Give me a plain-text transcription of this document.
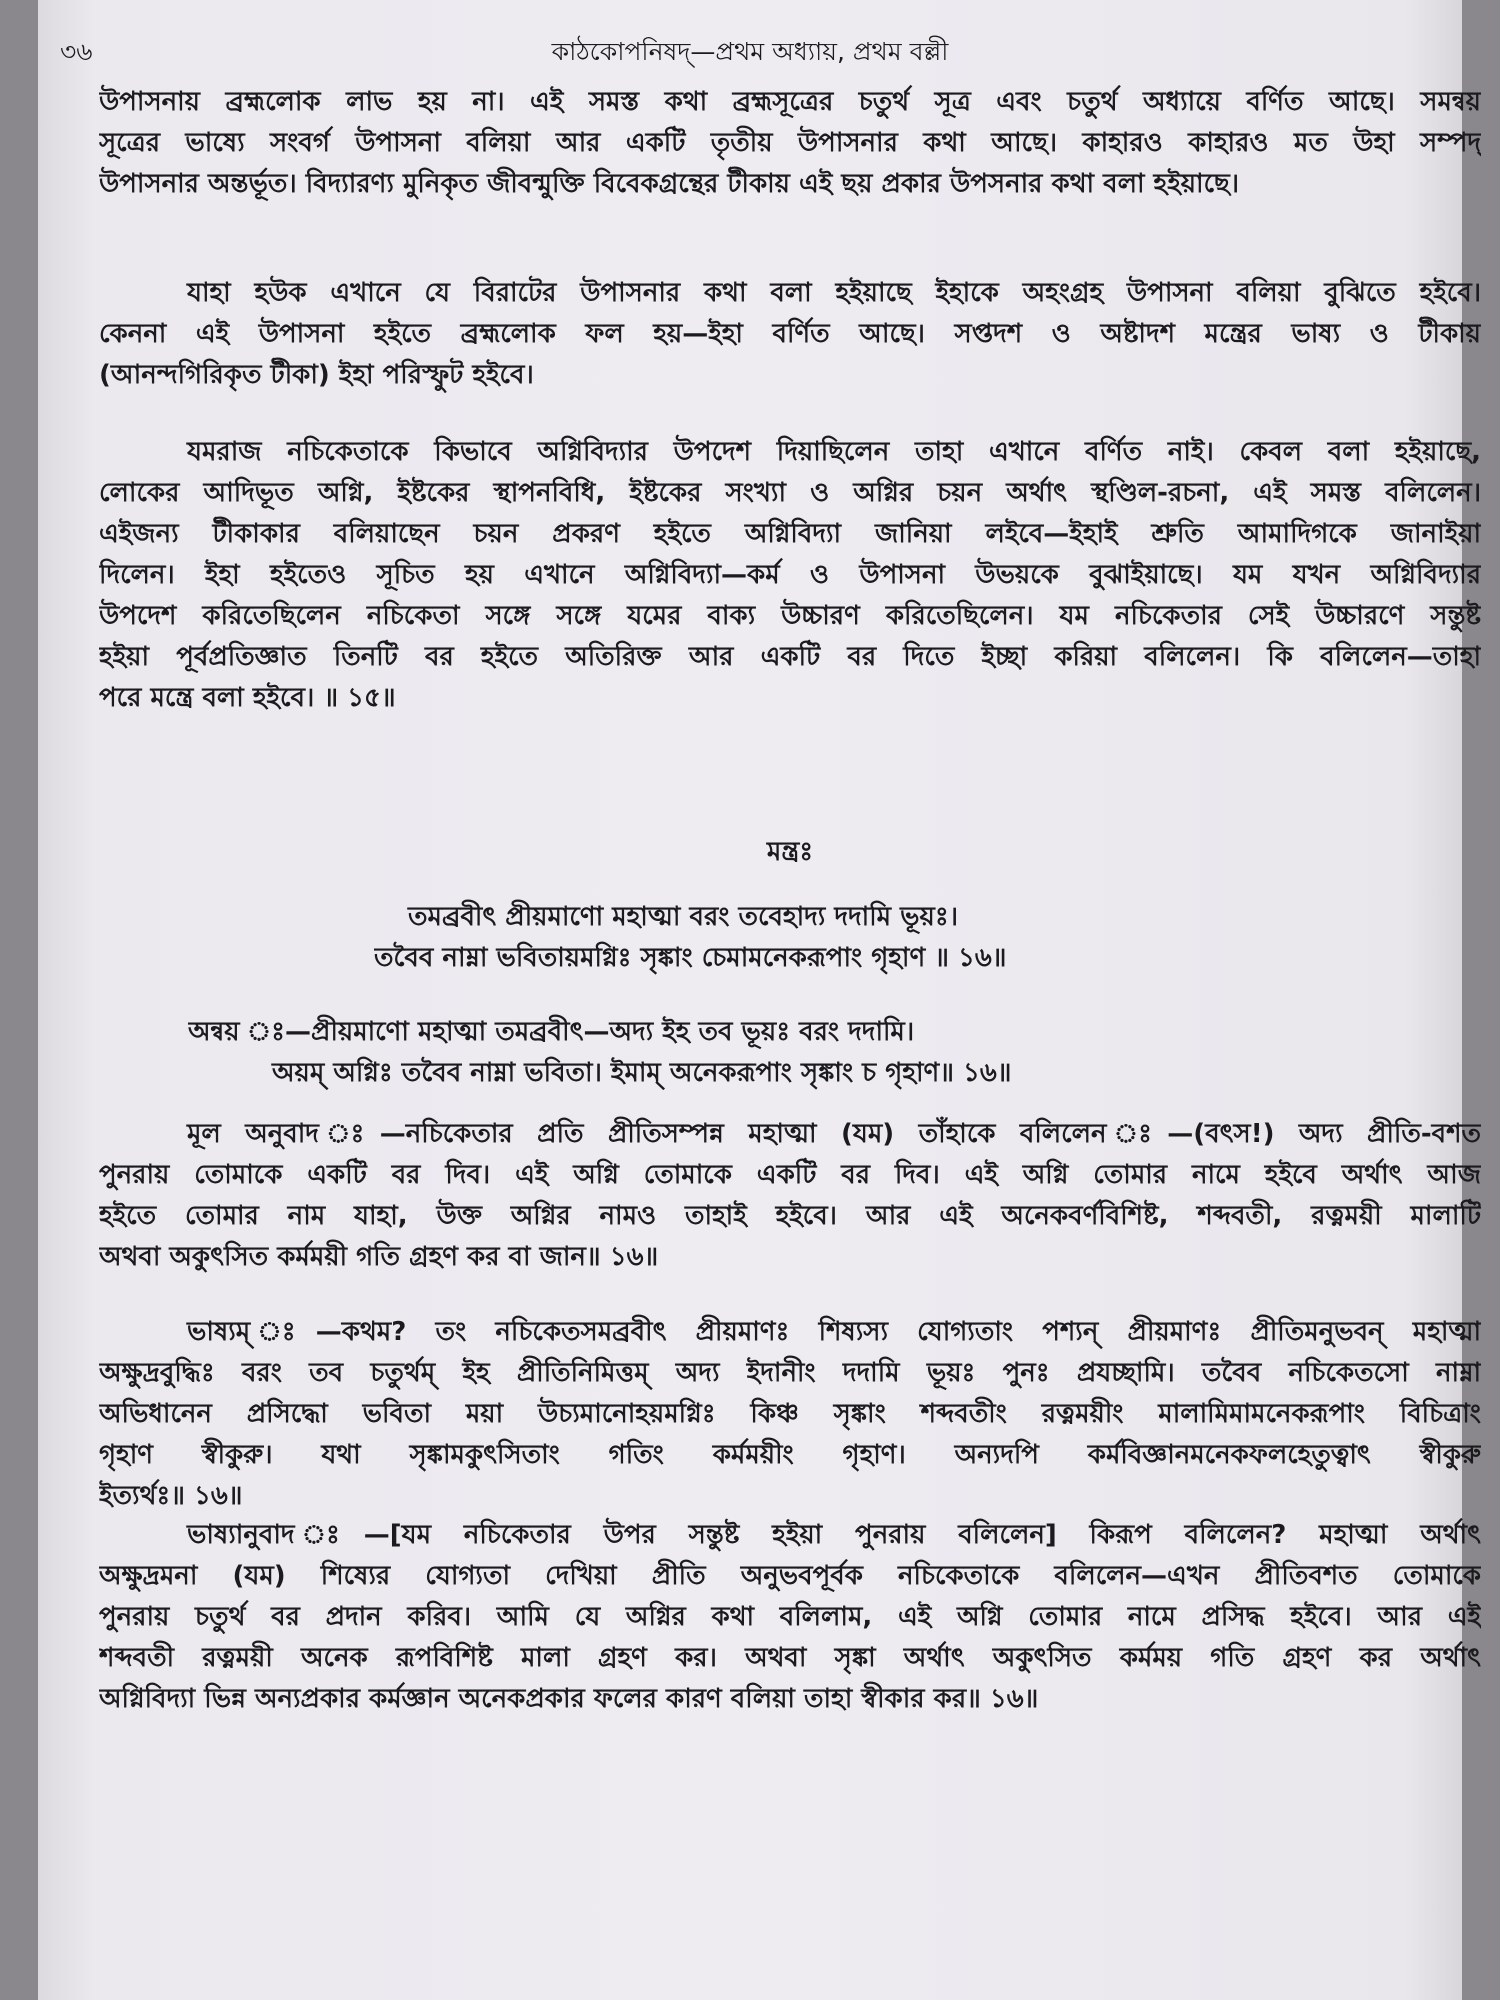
৩৬	কাঠকোপনিষদ্—প্রথম অধ্যায়, প্রথম বল্লী
উপাসনায় ব্রহ্মলোক লাভ হয় না। এই সমস্ত কথা ব্রহ্মসূত্রের চতুর্থ সূত্র এবং চতুর্থ অধ্যায়ে বর্ণিত আছে। সমন্বয়
সূত্রের ভাষ্যে সংবর্গ উপাসনা বলিয়া আর একটি তৃতীয় উপাসনার কথা আছে। কাহারও কাহারও মত উহা সম্পদ্
উপাসনার অন্তর্ভূত। বিদ্যারণ্য মুনিকৃত জীবন্মুক্তি বিবেকগ্রন্থের টীকায় এই ছয় প্রকার উপসনার কথা বলা হইয়াছে।
যাহা হউক এখানে যে বিরাটের উপাসনার কথা বলা হইয়াছে ইহাকে অহংগ্রহ উপাসনা বলিয়া বুঝিতে হইবে।
কেননা এই উপাসনা হইতে ব্রহ্মলোক ফল হয়—ইহা বর্ণিত আছে। সপ্তদশ ও অষ্টাদশ মন্ত্রের ভাষ্য ও টীকায়
(আনন্দগিরিকৃত টীকা) ইহা পরিস্ফুট হইবে।
যমরাজ নচিকেতাকে কিভাবে অগ্নিবিদ্যার উপদেশ দিয়াছিলেন তাহা এখানে বর্ণিত নাই। কেবল বলা হইয়াছে,
লোকের আদিভূত অগ্নি, ইষ্টকের স্থাপনবিধি, ইষ্টকের সংখ্যা ও অগ্নির চয়ন অর্থাৎ স্থণ্ডিল-রচনা, এই সমস্ত বলিলেন।
এইজন্য টীকাকার বলিয়াছেন চয়ন প্রকরণ হইতে অগ্নিবিদ্যা জানিয়া লইবে—ইহাই শ্রুতি আমাদিগকে জানাইয়া
দিলেন। ইহা হইতেও সূচিত হয় এখানে অগ্নিবিদ্যা—কর্ম ও উপাসনা উভয়কে বুঝাইয়াছে। যম যখন অগ্নিবিদ্যার
উপদেশ করিতেছিলেন নচিকেতা সঙ্গে সঙ্গে যমের বাক্য উচ্চারণ করিতেছিলেন। যম নচিকেতার সেই উচ্চারণে সন্তুষ্ট
হইয়া পূর্বপ্রতিজ্ঞাত তিনটি বর হইতে অতিরিক্ত আর একটি বর দিতে ইচ্ছা করিয়া বলিলেন। কি বলিলেন—তাহা
পরে মন্ত্রে বলা হইবে। ॥ ১৫॥
মন্ত্রঃ
তমব্রবীৎ প্রীয়মাণো মহাত্মা বরং তবেহাদ্য দদামি ভূয়ঃ।
তবৈব নাম্না ভবিতায়মগ্নিঃ সৃঙ্কাং চেমামনেকরূপাং গৃহাণ ॥ ১৬॥
অন্বয় ঃ—প্রীয়মাণো মহাত্মা তমব্রবীৎ—অদ্য ইহ তব ভূয়ঃ বরং দদামি।
অয়ম্ অগ্নিঃ তবৈব নাম্না ভবিতা। ইমাম্ অনেকরূপাং সৃঙ্কাং চ গৃহাণ॥ ১৬॥
মূল অনুবাদ ঃ—নচিকেতার প্রতি প্রীতিসম্পন্ন মহাত্মা (যম) তাঁহাকে বলিলেন ঃ—(বৎস!) অদ্য প্রীতি-বশত
পুনরায় তোমাকে একটি বর দিব। এই অগ্নি তোমাকে একটি বর দিব। এই অগ্নি তোমার নামে হইবে অর্থাৎ আজ
হইতে তোমার নাম যাহা, উক্ত অগ্নির নামও তাহাই হইবে। আর এই অনেকবর্ণবিশিষ্ট, শব্দবতী, রত্নময়ী মালাটি
অথবা অকুৎসিত কর্মময়ী গতি গ্রহণ কর বা জান॥ ১৬॥
ভাষ্যম্ ঃ—কথম? তং নচিকেতসমব্রবীৎ প্রীয়মাণঃ শিষ্যস্য যোগ্যতাং পশ্যন্ প্রীয়মাণঃ প্রীতিমনুভবন্ মহাত্মা
অক্ষুদ্রবুদ্ধিঃ বরং তব চতুর্থম্ ইহ প্রীতিনিমিত্তম্ অদ্য ইদানীং দদামি ভূয়ঃ পুনঃ প্রযচ্ছামি। তবৈব নচিকেতসো নাম্না
অভিধানেন প্রসিদ্ধো ভবিতা ময়া উচ্যমানোহয়মগ্নিঃ কিঞ্চ সৃঙ্কাং শব্দবতীং রত্নময়ীং মালামিমামনেকরূপাং বিচিত্রাং
গৃহাণ স্বীকুরু। যথা সৃঙ্কামকুৎসিতাং গতিং কর্মময়ীং গৃহাণ। অন্যদপি কর্মবিজ্ঞানমনেকফলহেতুত্বাৎ স্বীকুরু
ইত্যর্থঃ॥ ১৬॥
ভাষ্যানুবাদ ঃ—[যম নচিকেতার উপর সন্তুষ্ট হইয়া পুনরায় বলিলেন] কিরূপ বলিলেন? মহাত্মা অর্থাৎ
অক্ষুদ্রমনা (যম) শিষ্যের যোগ্যতা দেখিয়া প্রীতি অনুভবপূর্বক নচিকেতাকে বলিলেন—এখন প্রীতিবশত তোমাকে
পুনরায় চতুর্থ বর প্রদান করিব। আমি যে অগ্নির কথা বলিলাম, এই অগ্নি তোমার নামে প্রসিদ্ধ হইবে। আর এই
শব্দবতী রত্নময়ী অনেক রূপবিশিষ্ট মালা গ্রহণ কর। অথবা সৃঙ্কা অর্থাৎ অকুৎসিত কর্মময় গতি গ্রহণ কর অর্থাৎ
অগ্নিবিদ্যা ভিন্ন অন্যপ্রকার কর্মজ্ঞান অনেকপ্রকার ফলের কারণ বলিয়া তাহা স্বীকার কর॥ ১৬॥
